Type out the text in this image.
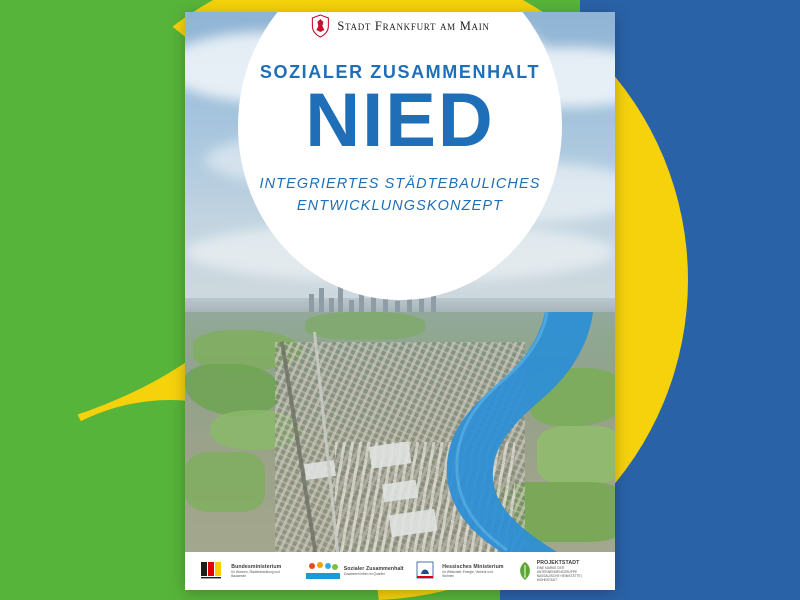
Stadt Frankfurt am Main
SOZIALER ZUSAMMENHALT
NIED
INTEGRIERTES STÄDTEBAULICHES
ENTWICKLUNGSKONZEPT
Bundesministerium
für Wohnen, Stadtentwicklung und Bauwesen
Sozialer Zusammenhalt
Zusammen leben im Quartier
Hessisches Ministerium
für Wirtschaft, Energie, Verkehr und Wohnen
PROJEKTSTADT
EINE MARKE DER UNTERNEHMENSGRUPPE NASSAUISCHE HEIMSTÄTTE | WOHNSTADT
